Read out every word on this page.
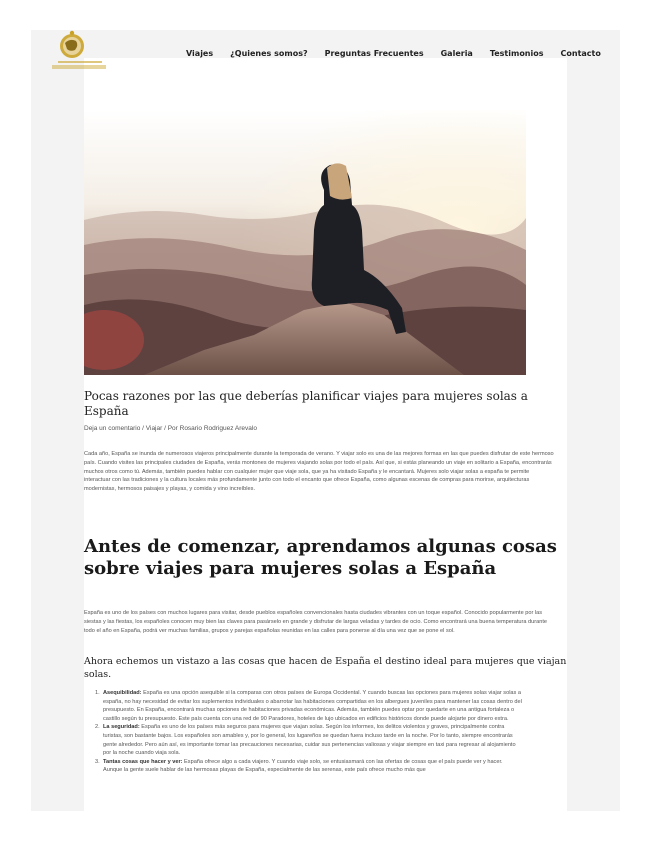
Viajes ¿Quienes somos? Preguntas Frecuentes Galeria Testimonios Contacto
Pocas razones por las que deberías planificar viajes para mujeres solas a España
Deja un comentario / Viajar / Por Rosario Rodriguez Arevalo

Cada año, España se inunda de numerosos viajeros principalmente durante la temporada de verano. Y viajar solo es una de las mejores formas en las que puedes disfrutar de este hermoso país. Cuando visites las principales ciudades de España, verás montones de mujeres viajando solas por todo el país. Así que, si estás planeando un viaje en solitario a España, encontrarás muchos otros como tú. Además, también puedes hablar con cualquier mujer que viaje sola, que ya ha visitado España y le encantará. Mujeres solo viajar solas a españa te permite interactuar con las tradiciones y la cultura locales más profundamente junto con todo el encanto que ofrece España, como algunas escenas de compras para morirse, arquitecturas modernistas, hermosos paisajes y playas, y comida y vino increíbles.

Antes de comenzar, aprendamos algunas cosas sobre viajes para mujeres solas a España

España es uno de los países con muchos lugares para visitar, desde pueblos españoles convencionales hasta ciudades vibrantes con un toque español. Conocido popularmente por las siestas y las fiestas, los españoles conocen muy bien las claves para pasárselo en grande y disfrutar de largas veladas y tardes de ocio. Como encontrará una buena temperatura durante todo el año en España, podrá ver muchas familias, grupos y parejas españolas reunidas en las calles para ponerse al día una vez que se pone el sol.

Ahora echemos un vistazo a las cosas que hacen de España el destino ideal para mujeres que viajan solas.
1. Asequibilidad: España es una opción asequible si la comparas con otros países de Europa Occidental. Y cuando buscas las opciones para mujeres solas viajar solas a españa, no hay necesidad de evitar los suplementos individuales o abarrotar las habitaciones compartidas en los albergues juveniles para mantener las cosas dentro del presupuesto. En España, encontrará muchas opciones de habitaciones privadas económicas. Además, también puedes optar por quedarte en una antigua fortaleza o castillo según tu presupuesto. Este país cuenta con una red de 90 Paradores, hoteles de lujo ubicados en edificios históricos donde puede alojarte por dinero extra.
2. La seguridad: España es uno de los países más seguros para mujeres que viajan solas. Según los informes, los delitos violentos y graves, principalmente contra turistas, son bastante bajos. Los españoles son amables y, por lo general, los lugareños se quedan fuera incluso tarde en la noche. Por lo tanto, siempre encontrarás gente alrededor. Pero aún así, es importante tomar las precauciones necesarias, cuidar sus pertenencias valiosas y viajar siempre en taxi para regresar al alojamiento por la noche cuando viaja sola.
3. Tantas cosas que hacer y ver: España ofrece algo a cada viajero. Y cuando viaje solo, se entusiasmará con las ofertas de cosas que el país puede ver y hacer. Aunque la gente suele hablar de las hermosas playas de España, especialmente de las serenas, este país ofrece mucho más que
